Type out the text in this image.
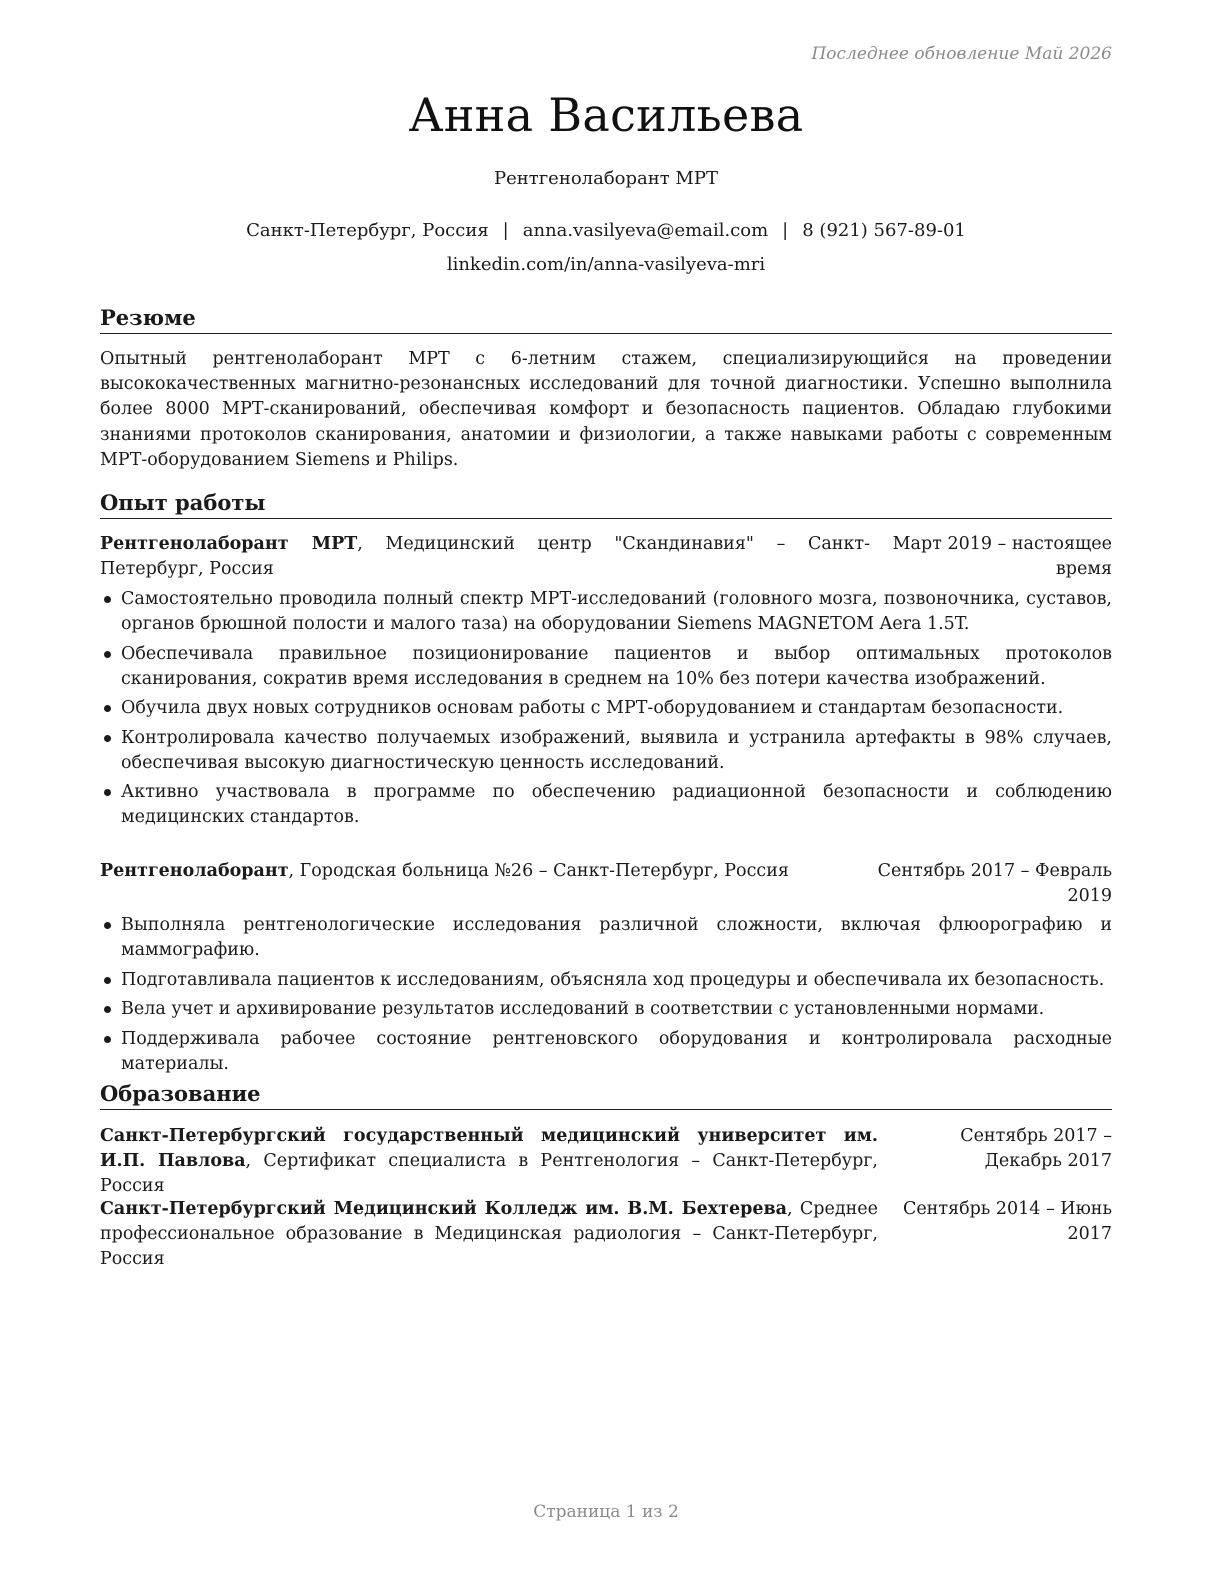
Последнее обновление Май 2026
Анна Васильева
Рентгенолаборант МРТ
Санкт-Петербург, Россия | anna.vasilyeva@email.com | 8 (921) 567-89-01
linkedin.com/in/anna-vasilyeva-mri
Резюме
Опытный рентгенолаборант МРТ с 6-летним стажем, специализирующийся на проведении высококачественных магнитно-резонансных исследований для точной диагностики. Успешно выполнила более 8000 МРТ-сканирований, обеспечивая комфорт и безопасность пациентов. Обладаю глубокими знаниями протоколов сканирования, анатомии и физиологии, а также навыками работы с современным МРТ-оборудованием Siemens и Philips.
Опыт работы
Рентгенолаборант МРТ, Медицинский центр "Скандинавия" – Санкт-Петербург, Россия
Март 2019 – настоящее время
Самостоятельно проводила полный спектр МРТ-исследований (головного мозга, позвоночника, суставов, органов брюшной полости и малого таза) на оборудовании Siemens MAGNETOM Aera 1.5T.
Обеспечивала правильное позиционирование пациентов и выбор оптимальных протоколов сканирования, сократив время исследования в среднем на 10% без потери качества изображений.
Обучила двух новых сотрудников основам работы с МРТ-оборудованием и стандартам безопасности.
Контролировала качество получаемых изображений, выявила и устранила артефакты в 98% случаев, обеспечивая высокую диагностическую ценность исследований.
Активно участвовала в программе по обеспечению радиационной безопасности и соблюдению медицинских стандартов.
Рентгенолаборант, Городская больница №26 – Санкт-Петербург, Россия	Сентябрь 2017 – Февраль 2019
Выполняла рентгенологические исследования различной сложности, включая флюорографию и маммографию.
Подготавливала пациентов к исследованиям, объясняла ход процедуры и обеспечивала их безопасность.
Вела учет и архивирование результатов исследований в соответствии с установленными нормами.
Поддерживала рабочее состояние рентгеновского оборудования и контролировала расходные материалы.
Образование
Санкт-Петербургский государственный медицинский университет им. И.П. Павлова, Сертификат специалиста в Рентгенология – Санкт-Петербург, Россия
Сентябрь 2017 – Декабрь 2017
Санкт-Петербургский Медицинский Колледж им. В.М. Бехтерева, Среднее профессиональное образование в Медицинская радиология – Санкт-Петербург, Россия
Сентябрь 2014 – Июнь 2017
Страница 1 из 2
